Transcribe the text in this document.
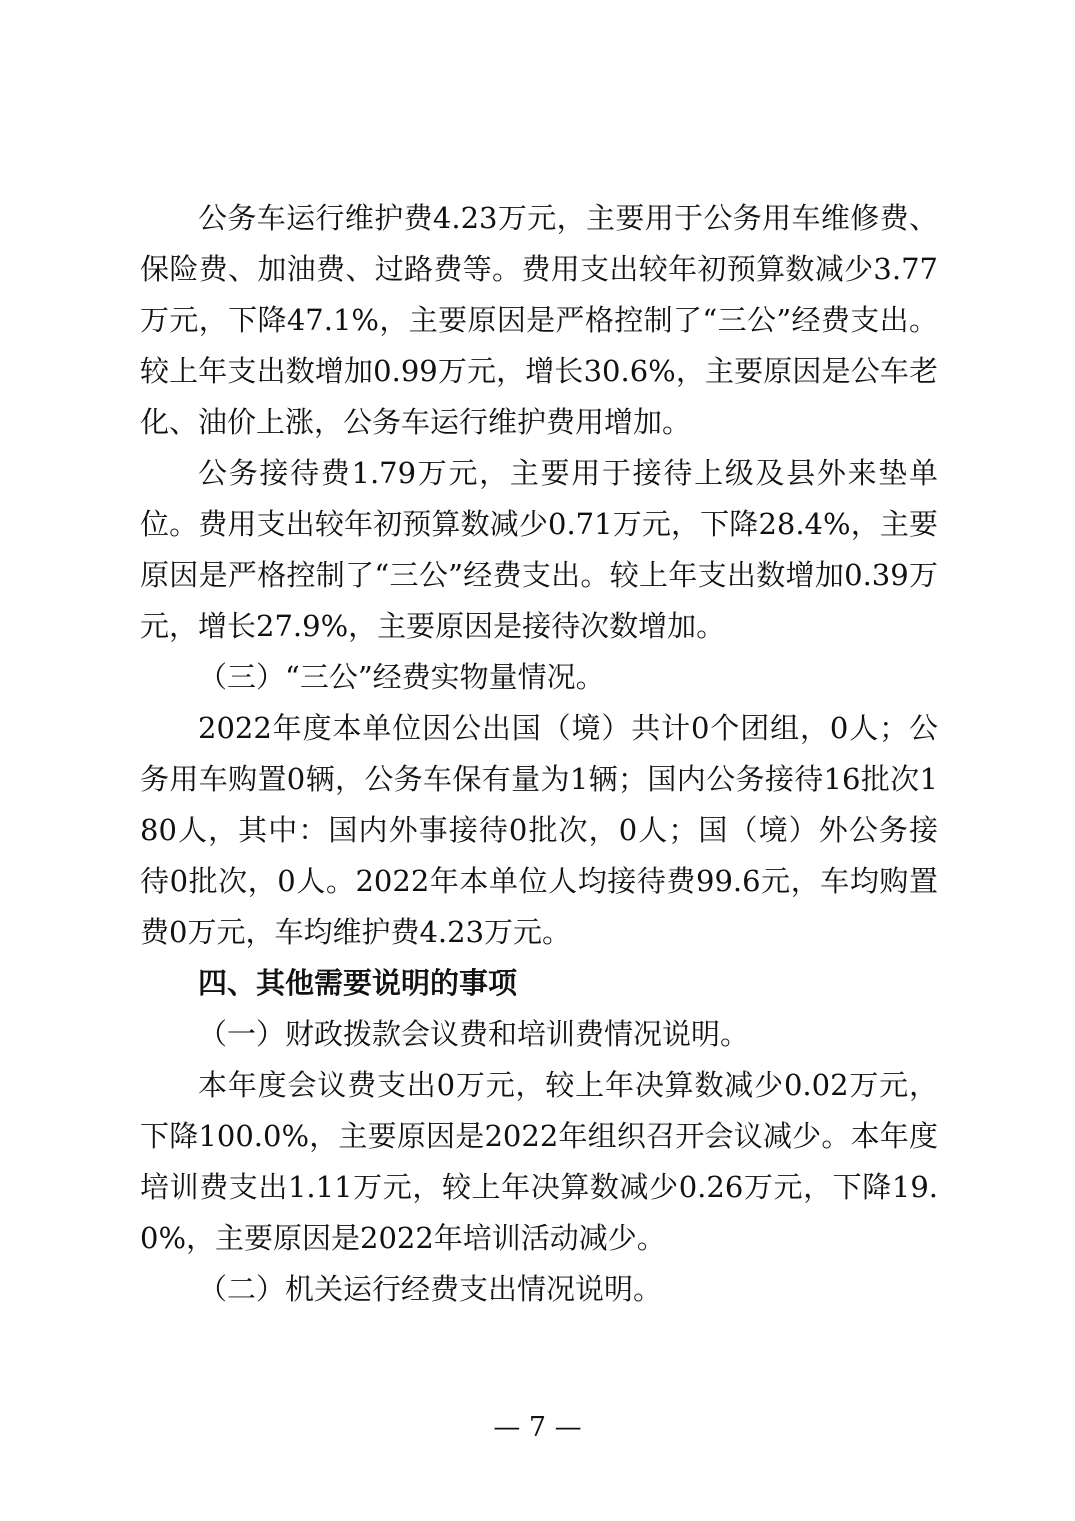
公务车运行维护费4.23万元，主要用于公务用车维修费、保险费、加油费、过路费等。费用支出较年初预算数减少3.77万元，下降47.1%，主要原因是严格控制了“三公”经费支出。较上年支出数增加0.99万元，增长30.6%，主要原因是公车老化、油价上涨，公务车运行维护费用增加。

公务接待费1.79万元，主要用于接待上级及县外来垫单位。费用支出较年初预算数减少0.71万元，下降28.4%，主要原因是严格控制了“三公”经费支出。较上年支出数增加0.39万元，增长27.9%，主要原因是接待次数增加。

（三）“三公”经费实物量情况。

2022年度本单位因公出国（境）共计0个团组，0人；公务用车购置0辆，公务车保有量为1辆；国内公务接待16批次180人，其中：国内外事接待0批次，0人；国（境）外公务接待0批次，0人。2022年本单位人均接待费99.6元，车均购置费0万元，车均维护费4.23万元。

四、其他需要说明的事项

（一）财政拨款会议费和培训费情况说明。

本年度会议费支出0万元，较上年决算数减少0.02万元，下降100.0%，主要原因是2022年组织召开会议减少。本年度培训费支出1.11万元，较上年决算数减少0.26万元，下降19.0%，主要原因是2022年培训活动减少。

（二）机关运行经费支出情况说明。

— 7 —
